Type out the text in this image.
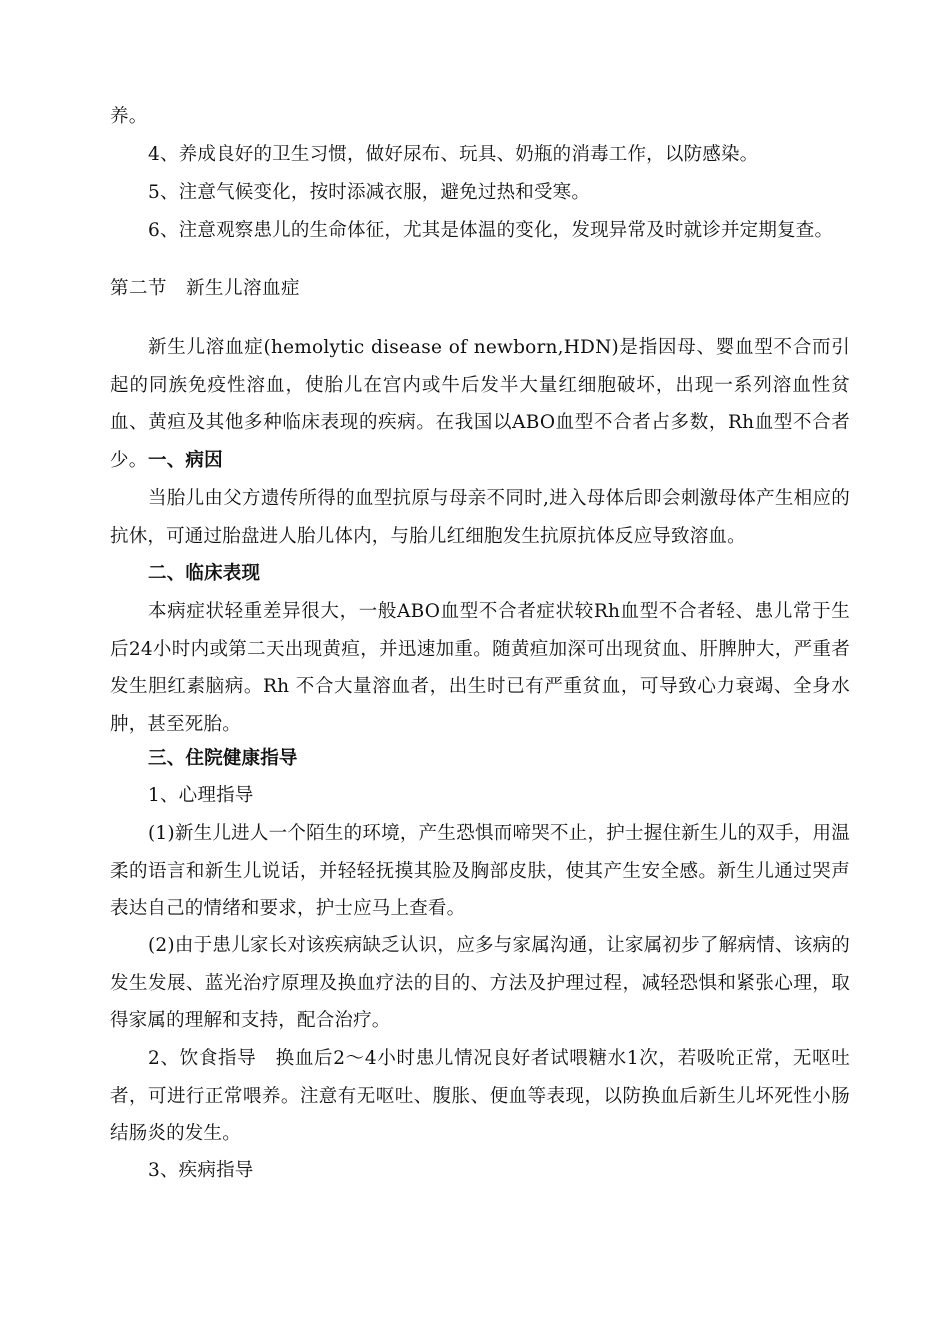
养。

4、养成良好的卫生习惯，做好尿布、玩具、奶瓶的消毒工作，以防感染。

5、注意气候变化，按时添减衣服，避免过热和受寒。

6、注意观察患儿的生命体征，尤其是体温的变化，发现异常及时就诊并定期复查。

第二节　新生儿溶血症

新生儿溶血症(hemolytic disease of newborn,HDN)是指因母、婴血型不合而引起的同族免疫性溶血，使胎儿在宫内或牛后发半大量红细胞破坏，出现一系列溶血性贫血、黄疸及其他多种临床表现的疾病。在我国以ABO血型不合者占多数，Rh血型不合者少。 一、病因

当胎儿由父方遗传所得的血型抗原与母亲不同时,进入母体后即会刺激母体产生相应的抗休，可通过胎盘进人胎儿体内，与胎儿红细胞发生抗原抗体反应导致溶血。

二、临床表现

本病症状轻重差异很大，一般ABO血型不合者症状较Rh血型不合者轻、患儿常于生后24小时内或第二天出现黄疸，并迅速加重。随黄疸加深可出现贫血、肝脾肿大，严重者发生胆红素脑病。Rh 不合大量溶血者，出生时已有严重贫血，可导致心力衰竭、全身水肿，甚至死胎。

三、住院健康指导

1、心理指导

(1)新生儿进人一个陌生的环境，产生恐惧而啼哭不止，护士握住新生儿的双手，用温柔的语言和新生儿说话，并轻轻抚摸其脸及胸部皮肤，使其产生安全感。新生儿通过哭声表达自己的情绪和要求，护士应马上查看。

(2)由于患儿家长对该疾病缺乏认识，应多与家属沟通，让家属初步了解病情、该病的发生发展、蓝光治疗原理及换血疗法的目的、方法及护理过程，减轻恐惧和紧张心理，取得家属的理解和支持，配合治疗。

2、饮食指导　换血后2～4小时患儿情况良好者试喂糖水1次，若吸吮正常，无呕吐者，可进行正常喂养。注意有无呕吐、腹胀、便血等表现，以防换血后新生儿坏死性小肠结肠炎的发生。

3、疾病指导
